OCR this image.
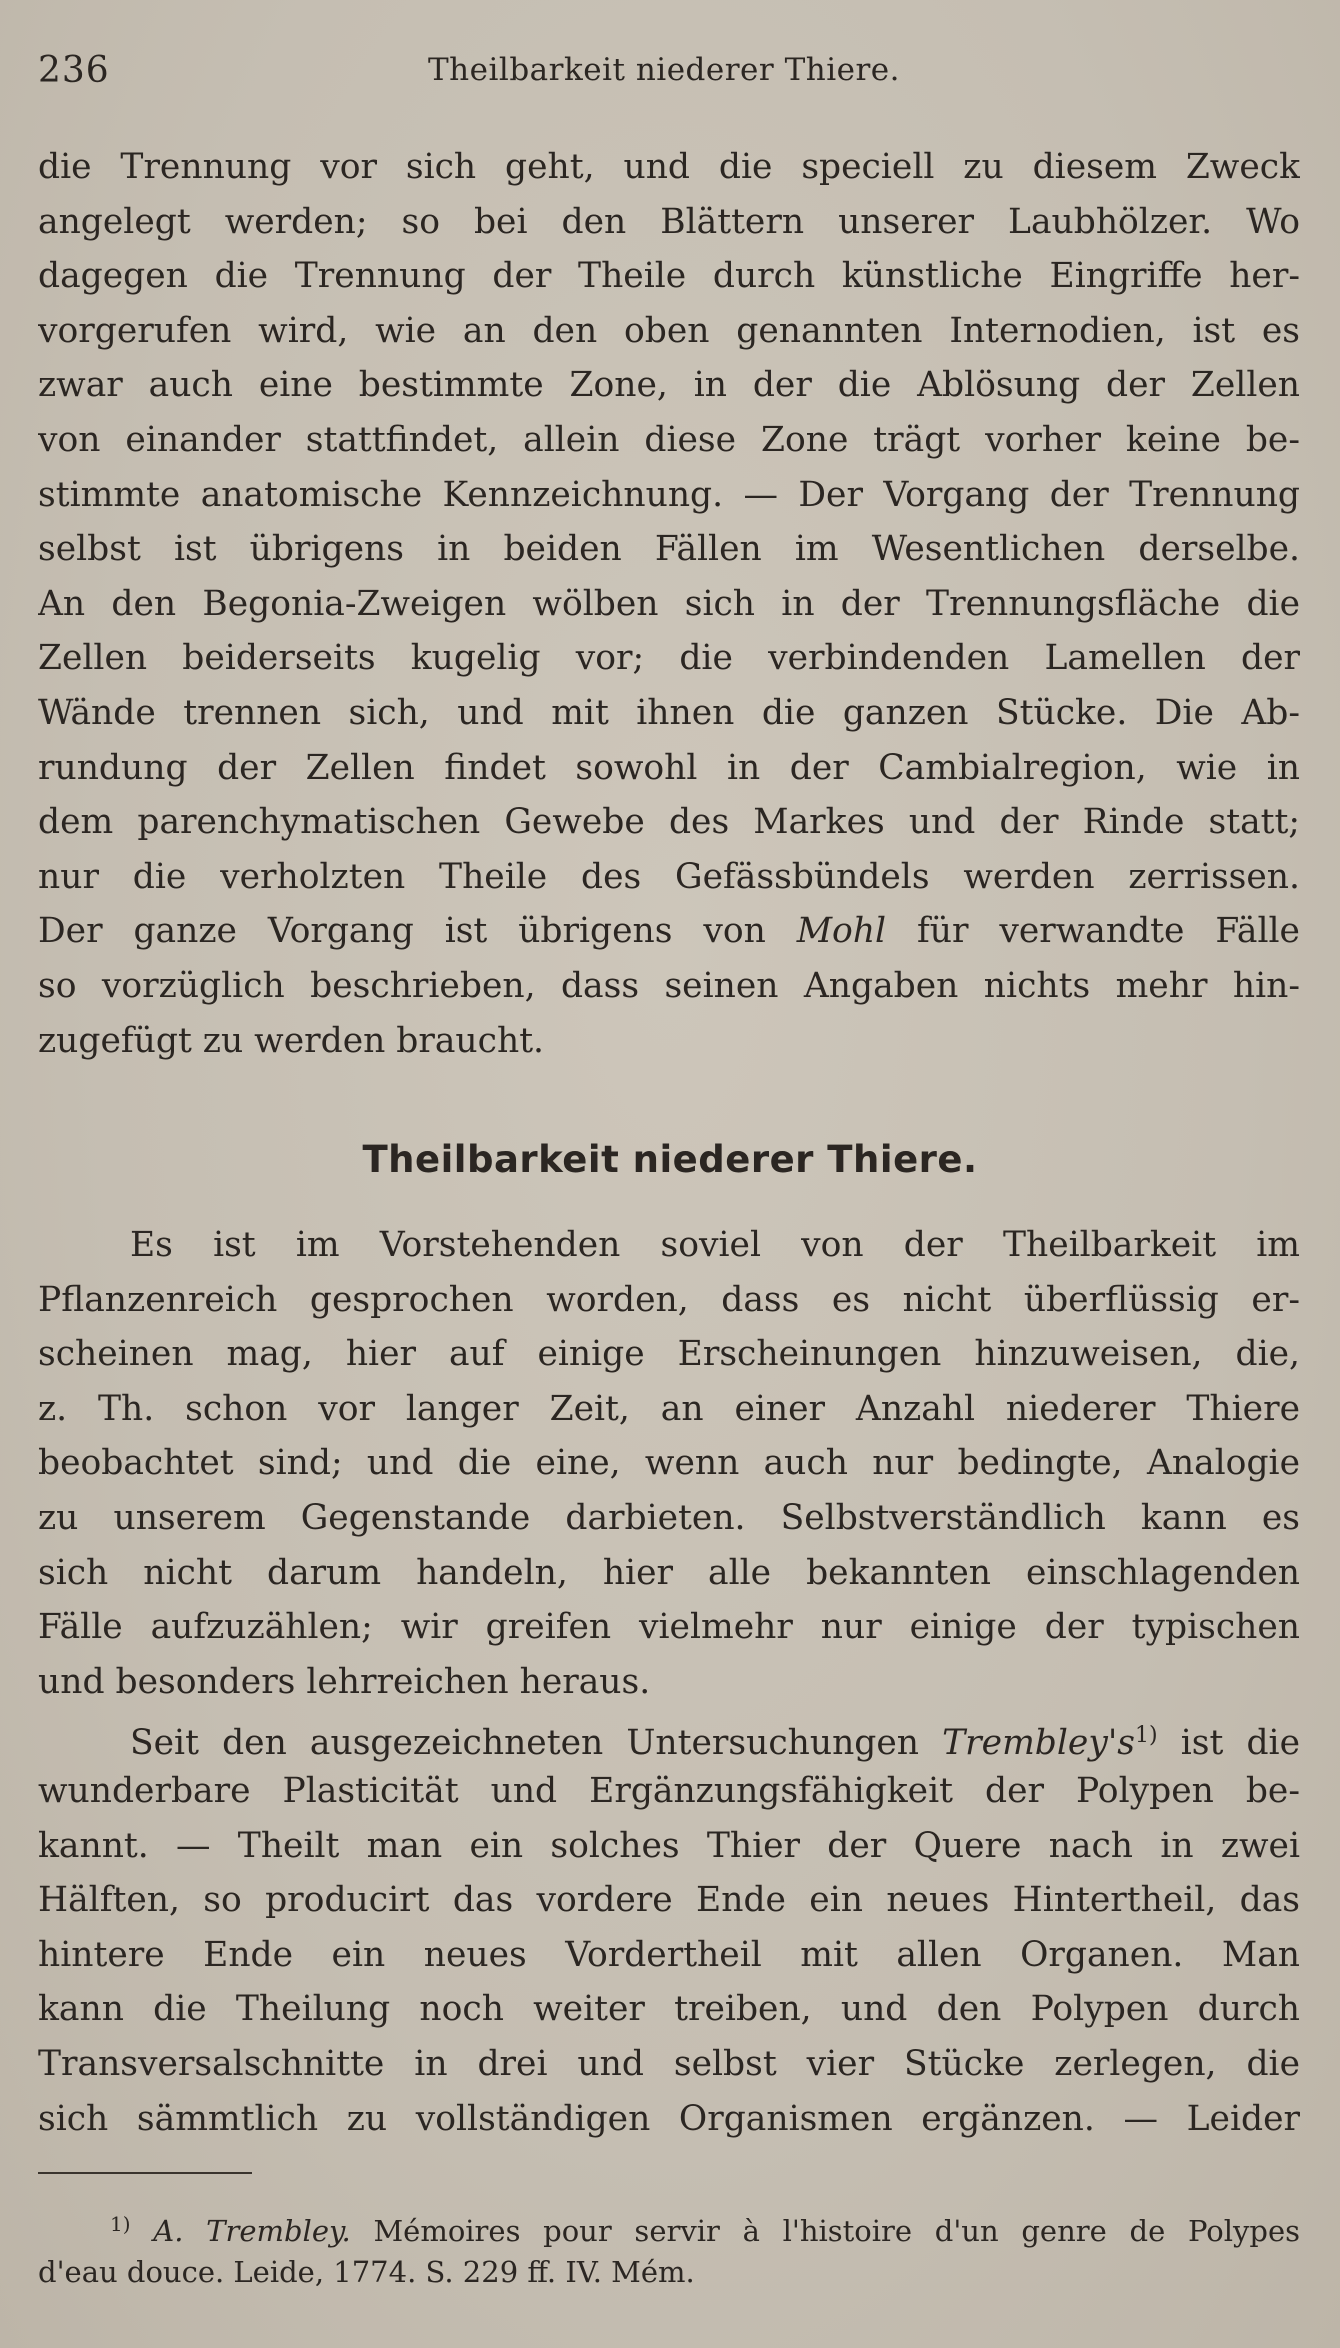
236	Theilbarkeit niederer Thiere.
die Trennung vor sich geht, und die speciell zu diesem Zweck
angelegt werden; so bei den Blättern unserer Laubhölzer. Wo
dagegen die Trennung der Theile durch künstliche Eingriffe her-
vorgerufen wird, wie an den oben genannten Internodien, ist es
zwar auch eine bestimmte Zone, in der die Ablösung der Zellen
von einander stattfindet, allein diese Zone trägt vorher keine be-
stimmte anatomische Kennzeichnung. — Der Vorgang der Trennung
selbst ist übrigens in beiden Fällen im Wesentlichen derselbe.
An den Begonia-Zweigen wölben sich in der Trennungsfläche die
Zellen beiderseits kugelig vor; die verbindenden Lamellen der
Wände trennen sich, und mit ihnen die ganzen Stücke. Die Ab-
rundung der Zellen findet sowohl in der Cambialregion, wie in
dem parenchymatischen Gewebe des Markes und der Rinde statt;
nur die verholzten Theile des Gefässbündels werden zerrissen.
Der ganze Vorgang ist übrigens von Mohl für verwandte Fälle
so vorzüglich beschrieben, dass seinen Angaben nichts mehr hin-
zugefügt zu werden braucht.
Theilbarkeit niederer Thiere.
Es ist im Vorstehenden soviel von der Theilbarkeit im
Pflanzenreich gesprochen worden, dass es nicht überflüssig er-
scheinen mag, hier auf einige Erscheinungen hinzuweisen, die,
z. Th. schon vor langer Zeit, an einer Anzahl niederer Thiere
beobachtet sind; und die eine, wenn auch nur bedingte, Analogie
zu unserem Gegenstande darbieten. Selbstverständlich kann es
sich nicht darum handeln, hier alle bekannten einschlagenden
Fälle aufzuzählen; wir greifen vielmehr nur einige der typischen
und besonders lehrreichen heraus.
Seit den ausgezeichneten Untersuchungen $Trembley's^{1)}$ ist die
wunderbare Plasticität und Ergänzungsfähigkeit der Polypen be-
kannt. — Theilt man ein solches Thier der Quere nach in zwei
Hälften, so producirt das vordere Ende ein neues Hintertheil, das
hintere Ende ein neues Vordertheil mit allen Organen. Man
kann die Theilung noch weiter treiben, und den Polypen durch
Transversalschnitte in drei und selbst vier Stücke zerlegen, die
sich sämmtlich zu vollständigen Organismen ergänzen. — Leider
$^{1)}$ A. Trembley. Mémoires pour servir à l'histoire d'un genre de Polypes
d'eau douce. Leide, 1774. S. 229 ff. IV. Mém.
